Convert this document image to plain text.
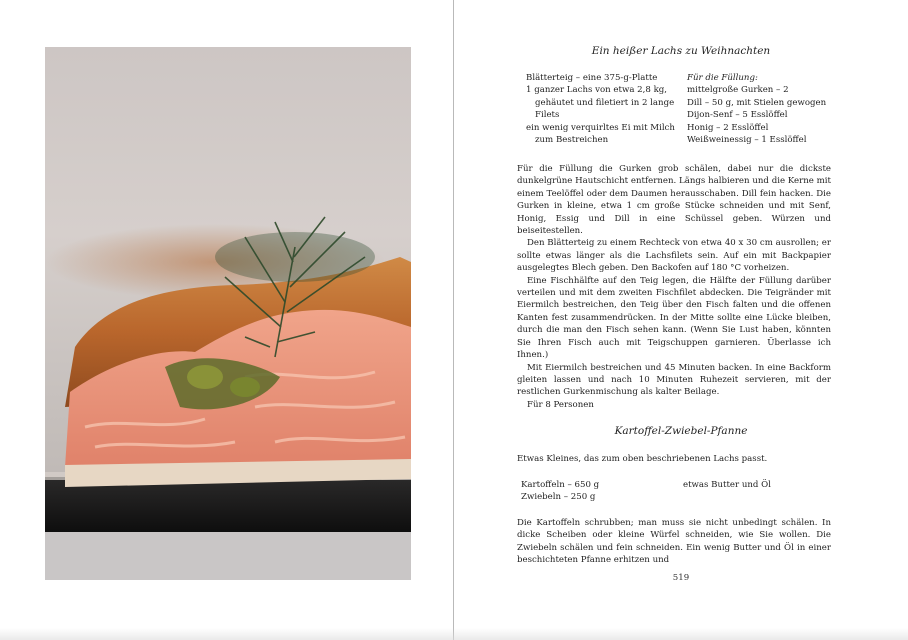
Ein heißer Lachs zu Weihnachten
Blätterteig – eine 375-g-Platte
1 ganzer Lachs von etwa 2,8 kg,
gehäutet und filetiert in 2 lange
Filets
ein wenig verquirltes Ei mit Milch
zum Bestreichen
Für die Füllung:
mittelgroße Gurken – 2
Dill – 50 g, mit Stielen gewogen
Dijon-Senf – 5 Esslöffel
Honig – 2 Esslöffel
Weißweinessig – 1 Esslöffel

Für die Füllung die Gurken grob schälen, dabei nur die dickste dunkelgrüne Hautschicht entfernen. Längs halbieren und die Kerne mit einem Teelöffel oder dem Daumen herausschaben. Dill fein hacken. Die Gurken in kleine, etwa 1 cm große Stücke schneiden und mit Senf, Honig, Essig und Dill in eine Schüssel geben. Würzen und beiseitestellen.

Den Blätterteig zu einem Rechteck von etwa 40 x 30 cm ausrollen; er sollte etwas länger als die Lachsfilets sein. Auf ein mit Backpapier ausgelegtes Blech geben. Den Backofen auf 180 °C vorheizen.

Eine Fischhälfte auf den Teig legen, die Hälfte der Füllung darüber verteilen und mit dem zweiten Fischfilet abdecken. Die Teigränder mit Eiermilch bestreichen, den Teig über den Fisch falten und die offenen Kanten fest zusammendrücken. In der Mitte sollte eine Lücke bleiben, durch die man den Fisch sehen kann. (Wenn Sie Lust haben, könnten Sie Ihren Fisch auch mit Teigschuppen garnieren. Überlasse ich Ihnen.)

Mit Eiermilch bestreichen und 45 Minuten backen. In eine Backform gleiten lassen und nach 10 Minuten Ruhezeit servieren, mit der restlichen Gurkenmischung als kalter Beilage.

Für 8 Personen

Kartoffel-Zwiebel-Pfanne

Etwas Kleines, das zum oben beschriebenen Lachs passt.

Kartoffeln – 650 g
Zwiebeln – 250 g
etwas Butter und Öl

Die Kartoffeln schrubben; man muss sie nicht unbedingt schälen. In dicke Scheiben oder kleine Würfel schneiden, wie Sie wollen. Die Zwiebeln schälen und fein schneiden. Ein wenig Butter und Öl in einer beschichteten Pfanne erhitzen und

519
